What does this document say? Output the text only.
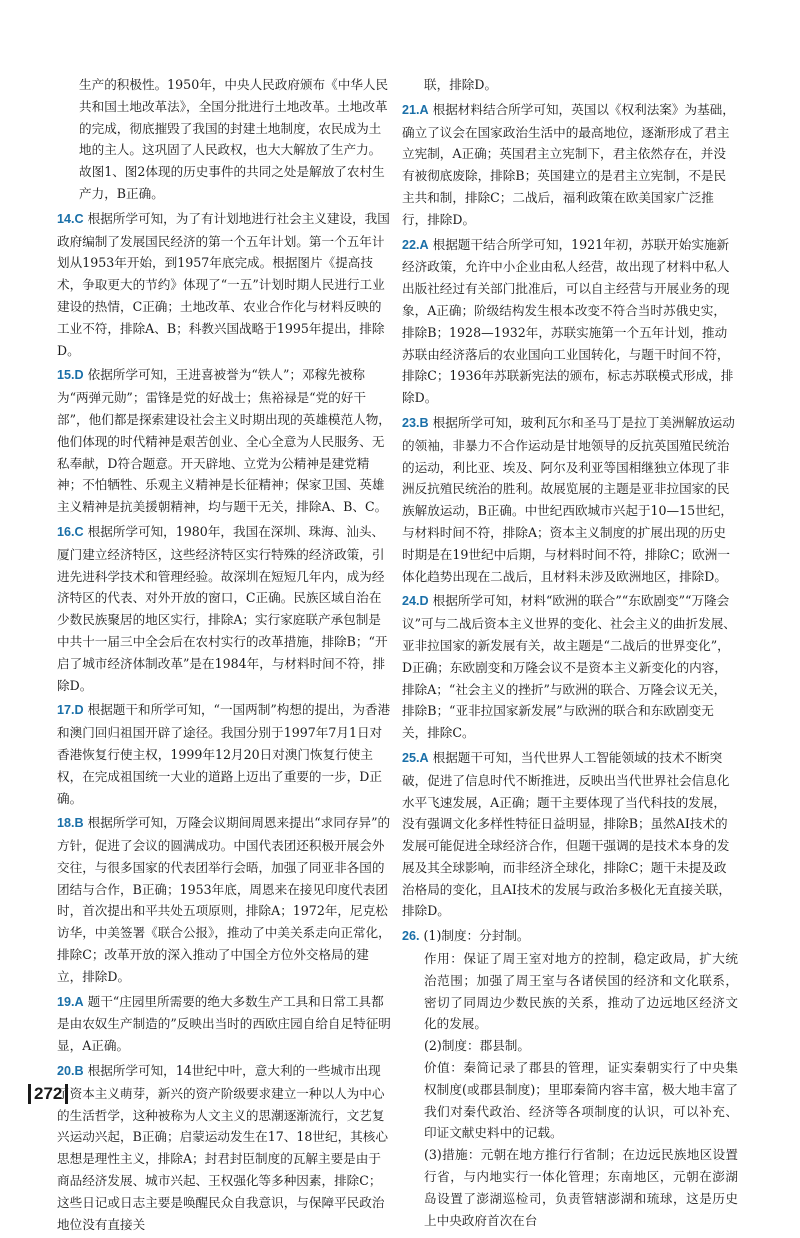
生产的积极性。1950年，中央人民政府颁布《中华人民共和国土地改革法》，全国分批进行土地改革。土地改革的完成，彻底摧毁了我国的封建土地制度，农民成为土地的主人。这巩固了人民政权，也大大解放了生产力。故图1、图2体现的历史事件的共同之处是解放了农村生产力，B正确。
14.C 根据所学可知，为了有计划地进行社会主义建设，我国政府编制了发展国民经济的第一个五年计划。第一个五年计划从1953年开始，到1957年底完成。根据图片《提高技术，争取更大的节约》体现了“一五”计划时期人民进行工业建设的热情，C正确；土地改革、农业合作化与材料反映的工业不符，排除A、B；科教兴国战略于1995年提出，排除D。
15.D 依据所学可知，王进喜被誉为“铁人”；邓稼先被称为“两弹元勋”；雷锋是党的好战士；焦裕禄是“党的好干部”，他们都是探索建设社会主义时期出现的英雄模范人物，他们体现的时代精神是艰苦创业、全心全意为人民服务、无私奉献，D符合题意。开天辟地、立党为公精神是建党精神；不怕牺牲、乐观主义精神是长征精神；保家卫国、英雄主义精神是抗美援朝精神，均与题干无关，排除A、B、C。
16.C 根据所学可知，1980年，我国在深圳、珠海、汕头、厦门建立经济特区，这些经济特区实行特殊的经济政策，引进先进科学技术和管理经验。故深圳在短短几年内，成为经济特区的代表、对外开放的窗口，C正确。民族区域自治在少数民族聚居的地区实行，排除A；实行家庭联产承包制是中共十一届三中全会后在农村实行的改革措施，排除B；“开启了城市经济体制改革”是在1984年，与材料时间不符，排除D。
17.D 根据题干和所学可知，“一国两制”构想的提出，为香港和澳门回归祖国开辟了途径。我国分别于1997年7月1日对香港恢复行使主权，1999年12月20日对澳门恢复行使主权，在完成祖国统一大业的道路上迈出了重要的一步，D正确。
18.B 根据所学可知，万隆会议期间周恩来提出“求同存异”的方针，促进了会议的圆满成功。中国代表团还积极开展会外交往，与很多国家的代表团举行会晤，加强了同亚非各国的团结与合作，B正确；1953年底，周恩来在接见印度代表团时，首次提出和平共处五项原则，排除A；1972年，尼克松访华，中美签署《联合公报》，推动了中美关系走向正常化，排除C；改革开放的深入推动了中国全方位外交格局的建立，排除D。
19.A 题干“庄园里所需要的绝大多数生产工具和日常工具都是由农奴生产制造的”反映出当时的西欧庄园自给自足特征明显，A正确。
20.B 根据所学可知，14世纪中叶，意大利的一些城市出现了资本主义萌芽，新兴的资产阶级要求建立一种以人为中心的生活哲学，这种被称为人文主义的思潮逐渐流行，文艺复兴运动兴起，B正确；启蒙运动发生在17、18世纪，其核心思想是理性主义，排除A；封君封臣制度的瓦解主要是由于商品经济发展、城市兴起、王权强化等多种因素，排除C；这些日记或日志主要是唤醒民众自我意识，与保障平民政治地位没有直接关
联，排除D。
21.A 根据材料结合所学可知，英国以《权利法案》为基础，确立了议会在国家政治生活中的最高地位，逐渐形成了君主立宪制，A正确；英国君主立宪制下，君主依然存在，并没有被彻底废除，排除B；英国建立的是君主立宪制，不是民主共和制，排除C；二战后，福利政策在欧美国家广泛推行，排除D。
22.A 根据题干结合所学可知，1921年初，苏联开始实施新经济政策，允许中小企业由私人经营，故出现了材料中私人出版社经过有关部门批准后，可以自主经营与开展业务的现象，A正确；阶级结构发生根本改变不符合当时苏俄史实，排除B；1928—1932年，苏联实施第一个五年计划，推动苏联由经济落后的农业国向工业国转化，与题干时间不符，排除C；1936年苏联新宪法的颁布，标志苏联模式形成，排除D。
23.B 根据所学可知，玻利瓦尔和圣马丁是拉丁美洲解放运动的领袖，非暴力不合作运动是甘地领导的反抗英国殖民统治的运动，利比亚、埃及、阿尔及利亚等国相继独立体现了非洲反抗殖民统治的胜利。故展览展的主题是亚非拉国家的民族解放运动，B正确。中世纪西欧城市兴起于10—15世纪，与材料时间不符，排除A；资本主义制度的扩展出现的历史时期是在19世纪中后期，与材料时间不符，排除C；欧洲一体化趋势出现在二战后，且材料未涉及欧洲地区，排除D。
24.D 根据所学可知，材料“欧洲的联合”“东欧剧变”“万隆会议”可与二战后资本主义世界的变化、社会主义的曲折发展、亚非拉国家的新发展有关，故主题是“二战后的世界变化”，D正确；东欧剧变和万隆会议不是资本主义新变化的内容，排除A；“社会主义的挫折”与欧洲的联合、万隆会议无关，排除B；“亚非拉国家新发展”与欧洲的联合和东欧剧变无关，排除C。
25.A 根据题干可知，当代世界人工智能领域的技术不断突破，促进了信息时代不断推进，反映出当代世界社会信息化水平飞速发展，A正确；题干主要体现了当代科技的发展，没有强调文化多样性特征日益明显，排除B；虽然AI技术的发展可能促进全球经济合作，但题干强调的是技术本身的发展及其全球影响，而非经济全球化，排除C；题干未提及政治格局的变化，且AI技术的发展与政治多极化无直接关联，排除D。
26. (1)制度：分封制。

作用：保证了周王室对地方的控制，稳定政局，扩大统治范围；加强了周王室与各诸侯国的经济和文化联系，密切了同周边少数民族的关系，推动了边远地区经济文化的发展。

(2)制度：郡县制。

价值：秦简记录了郡县的管理，证实秦朝实行了中央集权制度(或郡县制度)；里耶秦简内容丰富，极大地丰富了我们对秦代政治、经济等各项制度的认识，可以补充、印证文献史料中的记载。

(3)措施：元朝在地方推行行省制；在边远民族地区设置行省，与内地实行一体化管理；东南地区，元朝在澎湖岛设置了澎湖巡检司，负责管辖澎湖和琉球，这是历史上中央政府首次在台

272
